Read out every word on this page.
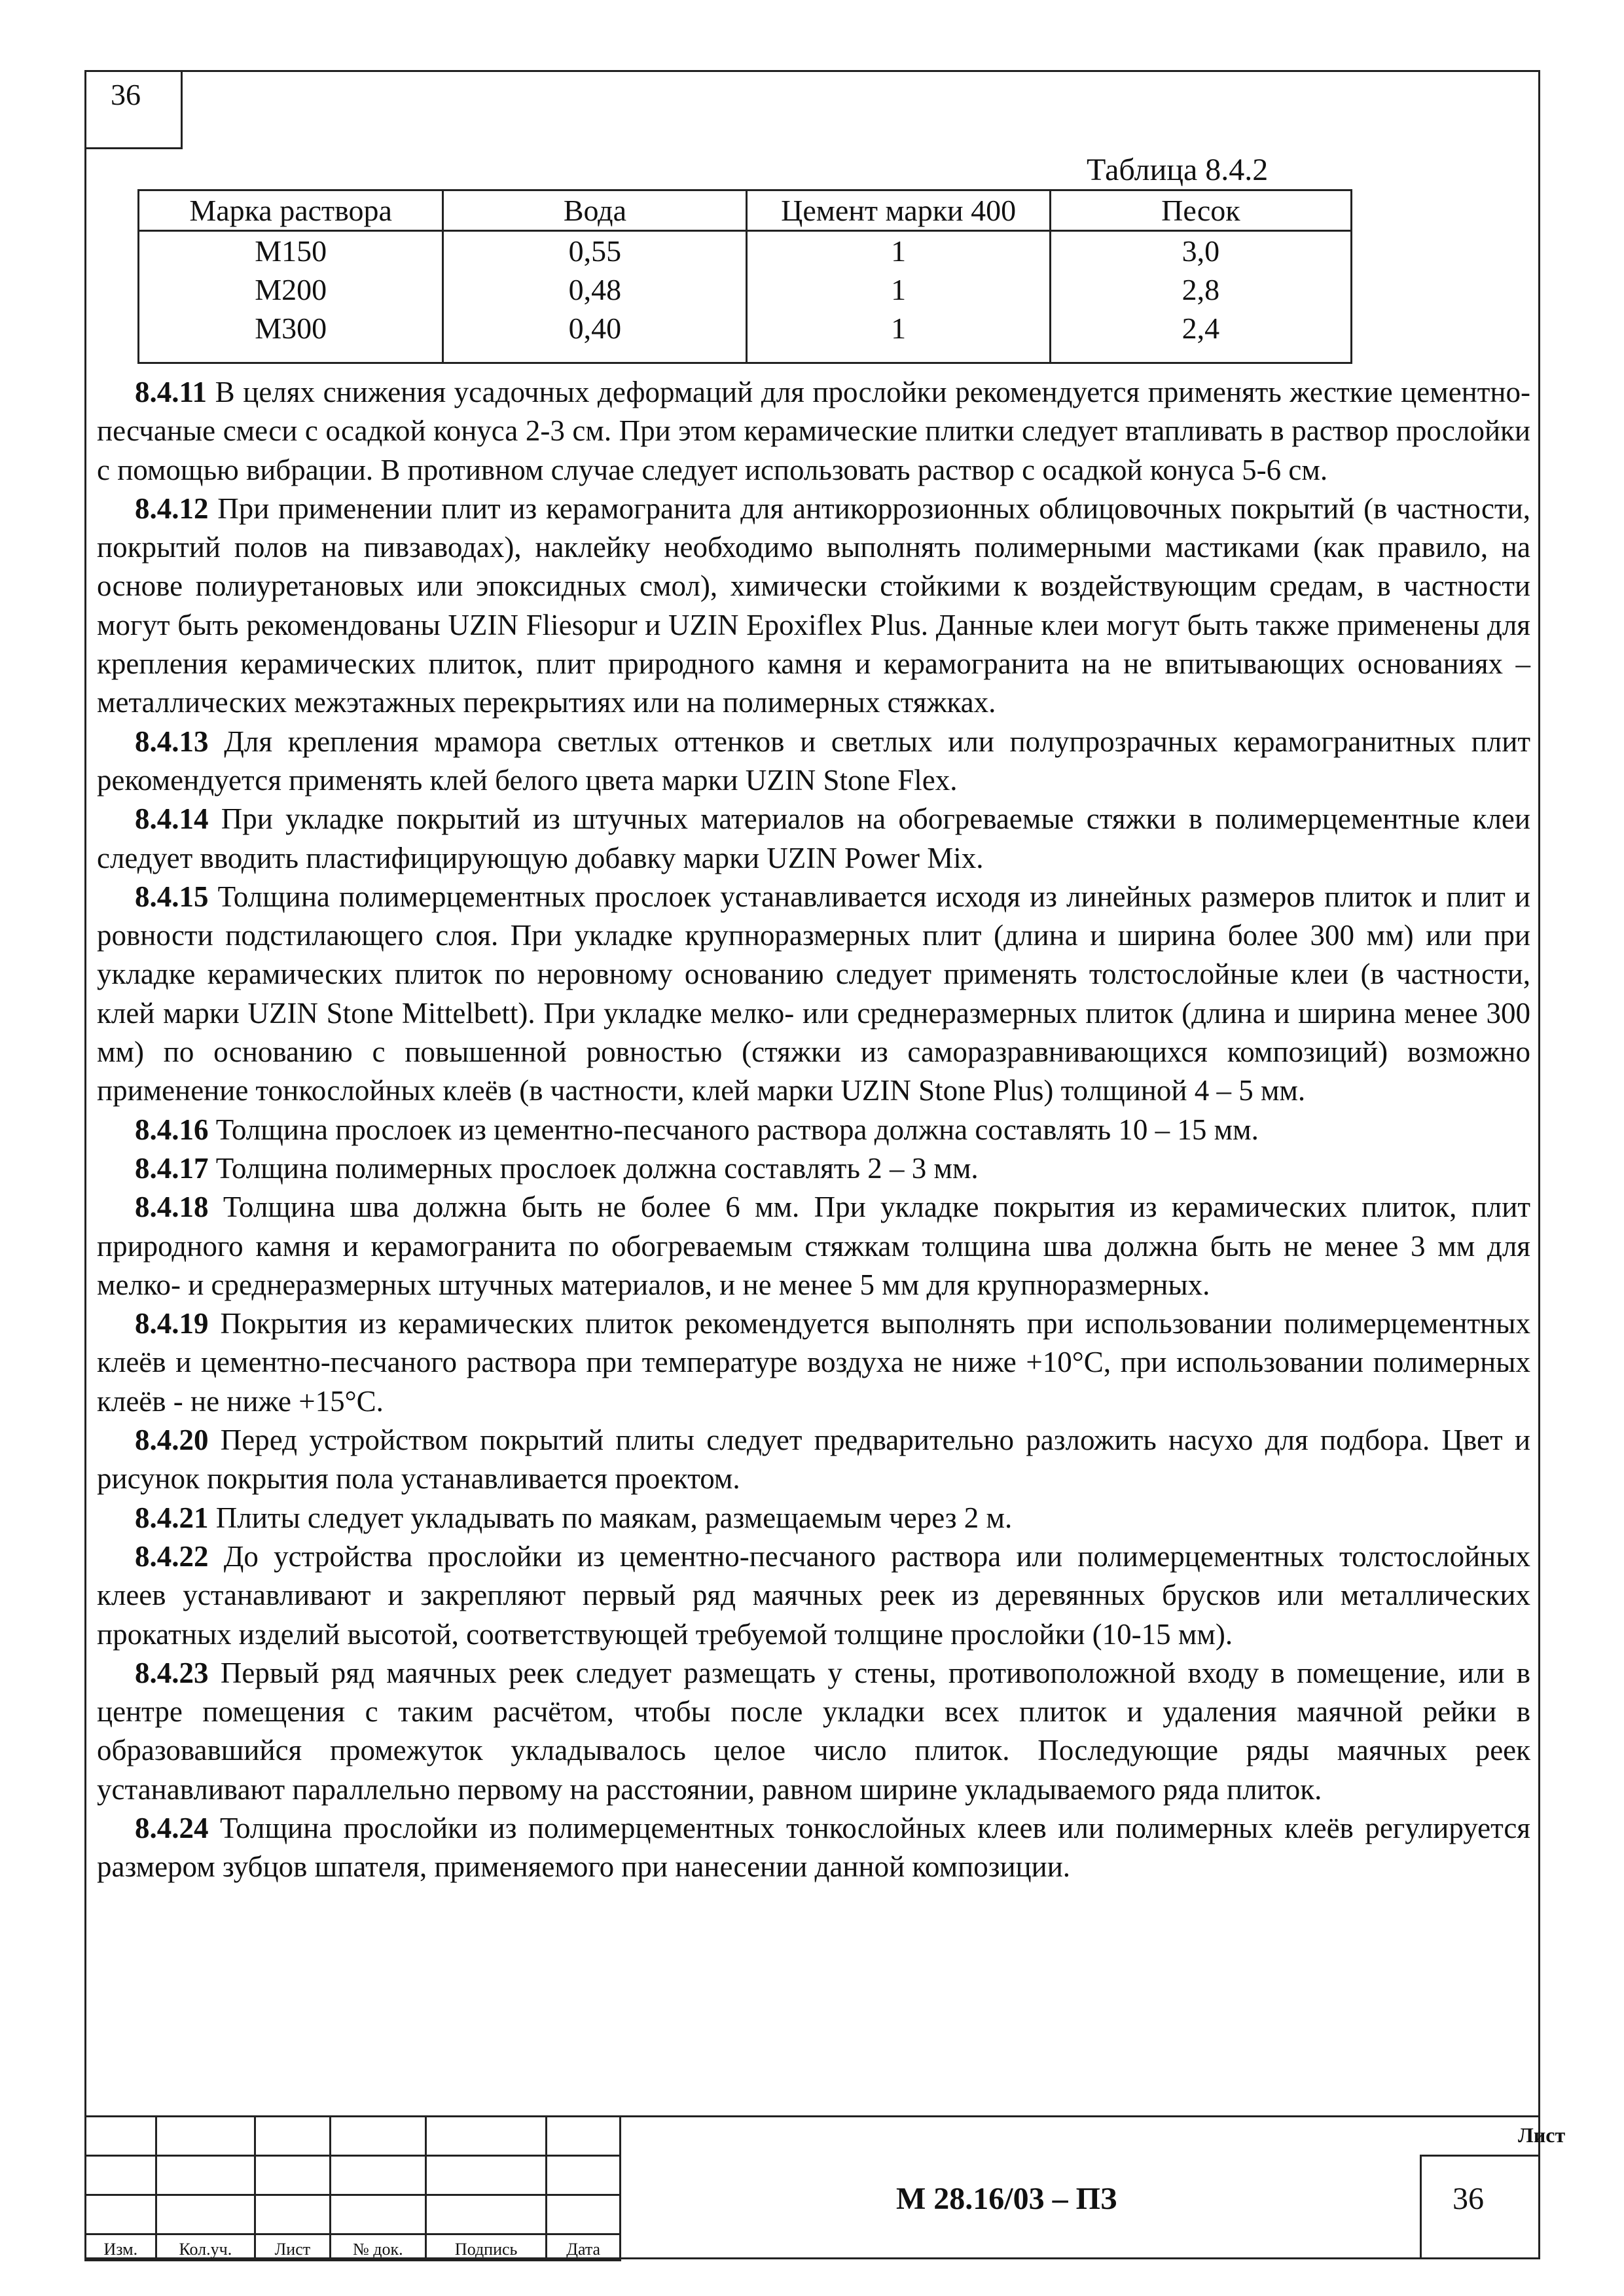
36
Таблица 8.4.2
Марка раствора	Вода	Цемент марки 400	Песок
М150	0,55	1	3,0
М200	0,48	1	2,8
М300	0,40	1	2,4

8.4.11 В целях снижения усадочных деформаций для прослойки рекомендуется применять жесткие цементно-песчаные смеси с осадкой конуса 2-3 см. При этом керамические плитки следует втапливать в раствор прослойки с помощью вибрации. В противном случае следует использовать раствор с осадкой конуса 5-6 см.

8.4.12 При применении плит из керамогранита для антикоррозионных облицовочных покрытий (в частности, покрытий полов на пивзаводах), наклейку необходимо выполнять полимерными мастиками (как правило, на основе полиуретановых или эпоксидных смол), химически стойкими к воздействующим средам, в частности могут быть рекомендованы UZIN Fliesopur и UZIN Epoxiflex Plus. Данные клеи могут быть также применены для крепления керамических плиток, плит природного камня и керамогранита на не впитывающих основаниях – металлических межэтажных перекрытиях или на полимерных стяжках.

8.4.13 Для крепления мрамора светлых оттенков и светлых или полупрозрачных керамогранитных плит рекомендуется применять клей белого цвета марки UZIN Stone Flex.

8.4.14 При укладке покрытий из штучных материалов на обогреваемые стяжки в полимерцементные клеи следует вводить пластифицирующую добавку марки UZIN Power Mix.

8.4.15 Толщина полимерцементных прослоек устанавливается исходя из линейных размеров плиток и плит и ровности подстилающего слоя. При укладке крупноразмерных плит (длина и ширина более 300 мм) или при укладке керамических плиток по неровному основанию следует применять толстослойные клеи (в частности, клей марки UZIN Stone Mittelbett). При укладке мелко- или среднеразмерных плиток (длина и ширина менее 300 мм) по основанию с повышенной ровностью (стяжки из саморазравнивающихся композиций) возможно применение тонкослойных клеёв (в частности, клей марки UZIN Stone Plus) толщиной 4 – 5 мм.

8.4.16 Толщина прослоек из цементно-песчаного раствора должна составлять 10 – 15 мм.

8.4.17 Толщина полимерных прослоек должна составлять 2 – 3 мм.

8.4.18 Толщина шва должна быть не более 6 мм. При укладке покрытия из керамических плиток, плит природного камня и керамогранита по обогреваемым стяжкам толщина шва должна быть не менее 3 мм для мелко- и среднеразмерных штучных материалов, и не менее 5 мм для крупноразмерных.

8.4.19 Покрытия из керамических плиток рекомендуется выполнять при использовании полимерцементных клеёв и цементно-песчаного раствора при температуре воздуха не ниже +10°С, при использовании полимерных клеёв - не ниже +15°С.

8.4.20 Перед устройством покрытий плиты следует предварительно разложить насухо для подбора. Цвет и рисунок покрытия пола устанавливается проектом.

8.4.21 Плиты следует укладывать по маякам, размещаемым через 2 м.

8.4.22 До устройства прослойки из цементно-песчаного раствора или полимерцементных толстослойных клеев устанавливают и закрепляют первый ряд маячных реек из деревянных брусков или металлических прокатных изделий высотой, соответствующей требуемой толщине прослойки (10-15 мм).

8.4.23 Первый ряд маячных реек следует размещать у стены, противоположной входу в помещение, или в центре помещения с таким расчётом, чтобы после укладки всех плиток и удаления маячной рейки в образовавшийся промежуток укладывалось целое число плиток. Последующие ряды маячных реек устанавливают параллельно первому на расстоянии, равном ширине укладываемого ряда плиток.

8.4.24 Толщина прослойки из полимерцементных тонкослойных клеев или полимерных клеёв регулируется размером зубцов шпателя, применяемого при нанесении данной композиции.

Изм.	Кол.уч.	Лист	№ док.	Подпись	Дата
М 28.16/03 – ПЗ
Лист
36
